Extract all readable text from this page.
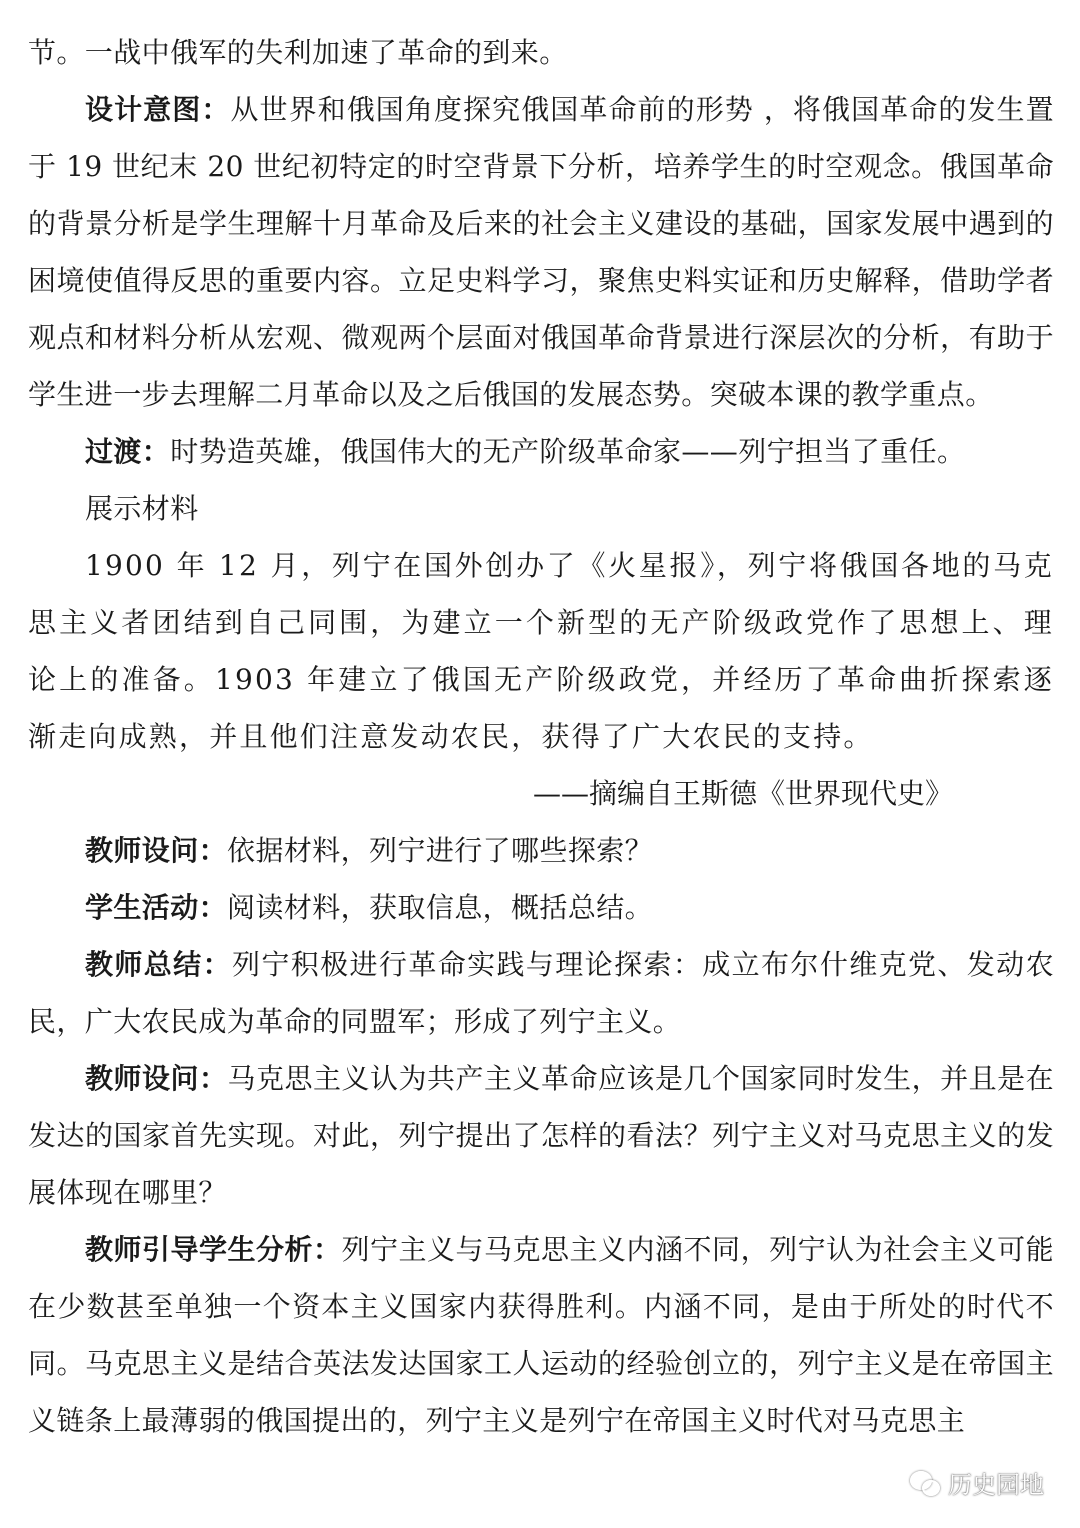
节。一战中俄军的失利加速了革命的到来。

设计意图：从世界和俄国角度探究俄国革命前的形势 ，将俄国革命的发生置于 19 世纪末 20 世纪初特定的时空背景下分析，培养学生的时空观念。俄国革命的背景分析是学生理解十月革命及后来的社会主义建设的基础，国家发展中遇到的困境使值得反思的重要内容。立足史料学习，聚焦史料实证和历史解释，借助学者观点和材料分析从宏观、微观两个层面对俄国革命背景进行深层次的分析，有助于学生进一步去理解二月革命以及之后俄国的发展态势。突破本课的教学重点。

过渡：时势造英雄，俄国伟大的无产阶级革命家——列宁担当了重任。

展示材料

1900 年 12 月，列宁在国外创办了《火星报》，列宁将俄国各地的马克思主义者团结到自己同围，为建立一个新型的无产阶级政党作了思想上、理论上的准备。1903 年建立了俄国无产阶级政党，并经历了革命曲折探索逐渐走向成熟，并且他们注意发动农民，获得了广大农民的支持。

——摘编自王斯德《世界现代史》

教师设问：依据材料，列宁进行了哪些探索？

学生活动：阅读材料，获取信息，概括总结。

教师总结：列宁积极进行革命实践与理论探索：成立布尔什维克党、发动农民，广大农民成为革命的同盟军；形成了列宁主义。

教师设问：马克思主义认为共产主义革命应该是几个国家同时发生，并且是在发达的国家首先实现。对此，列宁提出了怎样的看法？列宁主义对马克思主义的发展体现在哪里？

教师引导学生分析：列宁主义与马克思主义内涵不同，列宁认为社会主义可能在少数甚至单独一个资本主义国家内获得胜利。内涵不同，是由于所处的时代不同。马克思主义是结合英法发达国家工人运动的经验创立的，列宁主义是在帝国主义链条上最薄弱的俄国提出的，列宁主义是列宁在帝国主义时代对马克思主

历史园地
